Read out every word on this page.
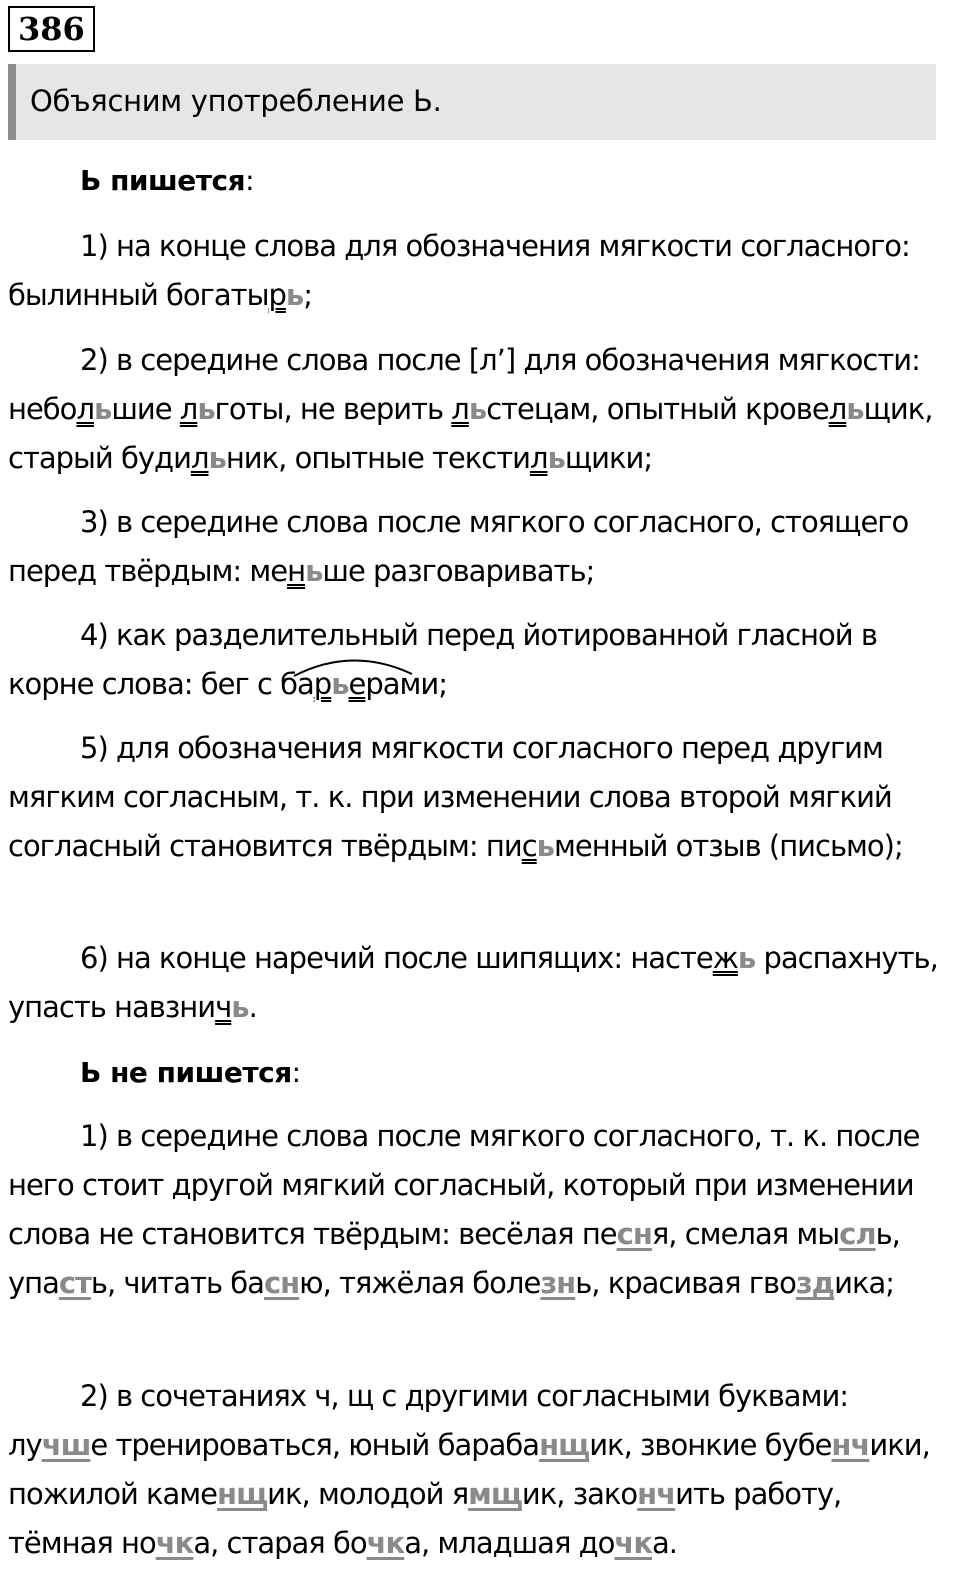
386
Объясним употребление Ь.
Ь пишется:

1) на конце слова для обозначения мягкости согласного: былинный богатырь;

2) в середине слова после [л’] для обозначения мягкости: небольшие льготы, не верить льстецам, опытный кровельщик, старый будильник, опытные текстильщики;

3) в середине слова после мягкого согласного, стоящего перед твёрдым: меньше разговаривать;

4) как разделительный перед йотированной гласной в корне слова: бег с барьерами;

5) для обозначения мягкости согласного перед другим мягким согласным, т. к. при изменении слова второй мягкий согласный становится твёрдым: письменный отзыв (письмо);

6) на конце наречий после шипящих: настежь распахнуть, упасть навзничь.

Ь не пишется:

1) в середине слова после мягкого согласного, т. к. после него стоит другой мягкий согласный, который при изменении слова не становится твёрдым: весёлая песня, смелая мысль, упасть, читать басню, тяжёлая болезнь, красивая гвоздика;

2) в сочетаниях ч, щ с другими согласными буквами: лучше тренироваться, юный барабанщик, звонкие бубенчики, пожилой каменщик, молодой ямщик, закончить работу, тёмная ночка, старая бочка, младшая дочка.
